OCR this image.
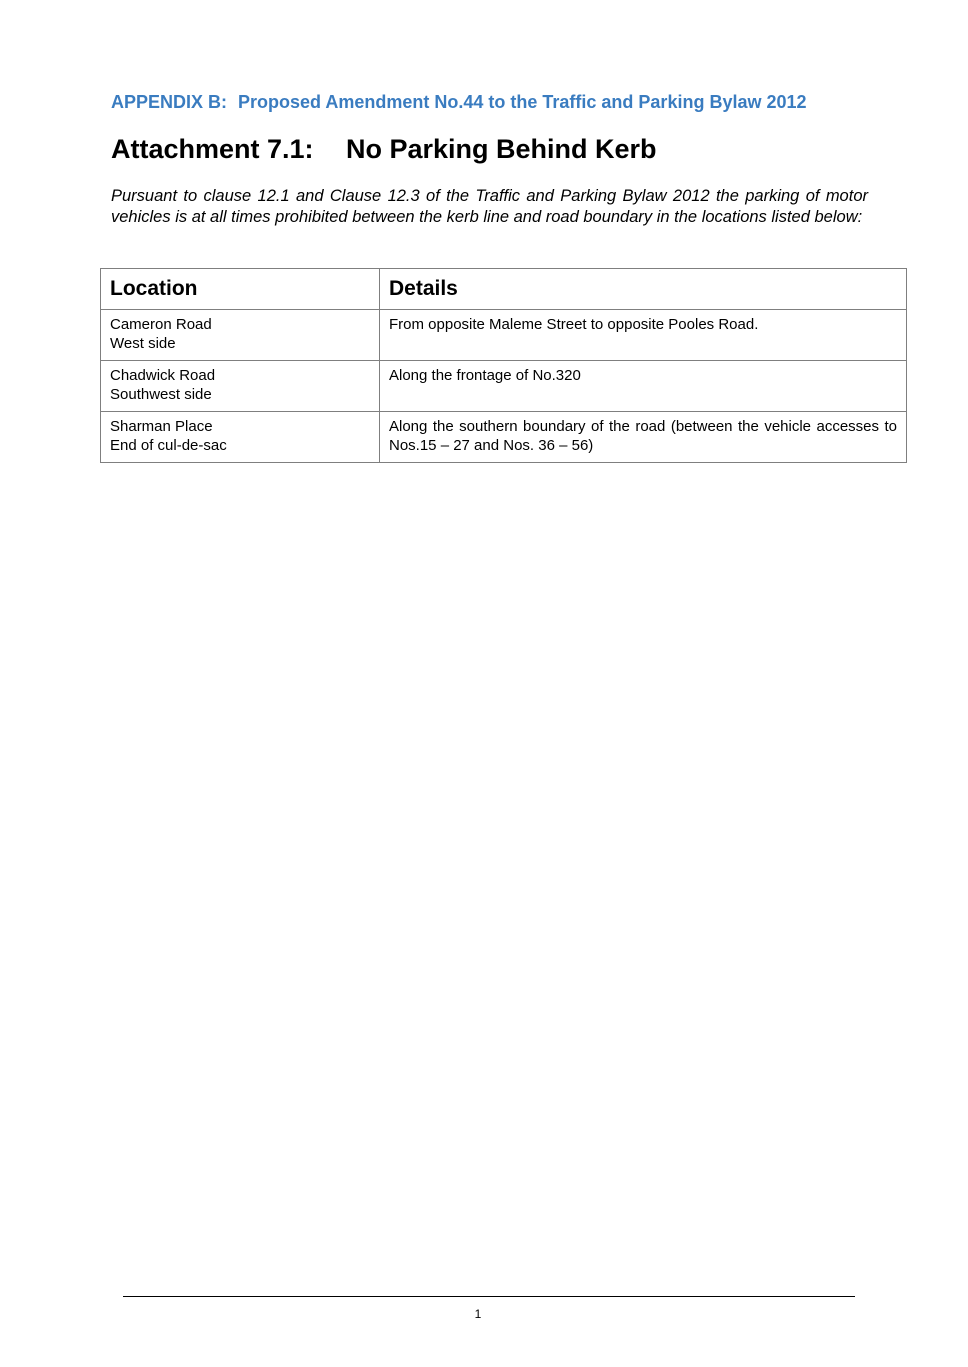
APPENDIX B: Proposed Amendment No.44 to the Traffic and Parking Bylaw 2012
Attachment 7.1: No Parking Behind Kerb

Pursuant to clause 12.1 and Clause 12.3 of the Traffic and Parking Bylaw 2012 the parking of motor vehicles is at all times prohibited between the kerb line and road boundary in the locations listed below:

Location	Details

Cameron Road
West side	From opposite Maleme Street to opposite Pooles Road.

Chadwick Road
Southwest side	Along the frontage of No.320

Sharman Place
End of cul-de-sac	Along the southern boundary of the road (between the vehicle accesses to Nos.15 – 27 and Nos. 36 – 56)
1
